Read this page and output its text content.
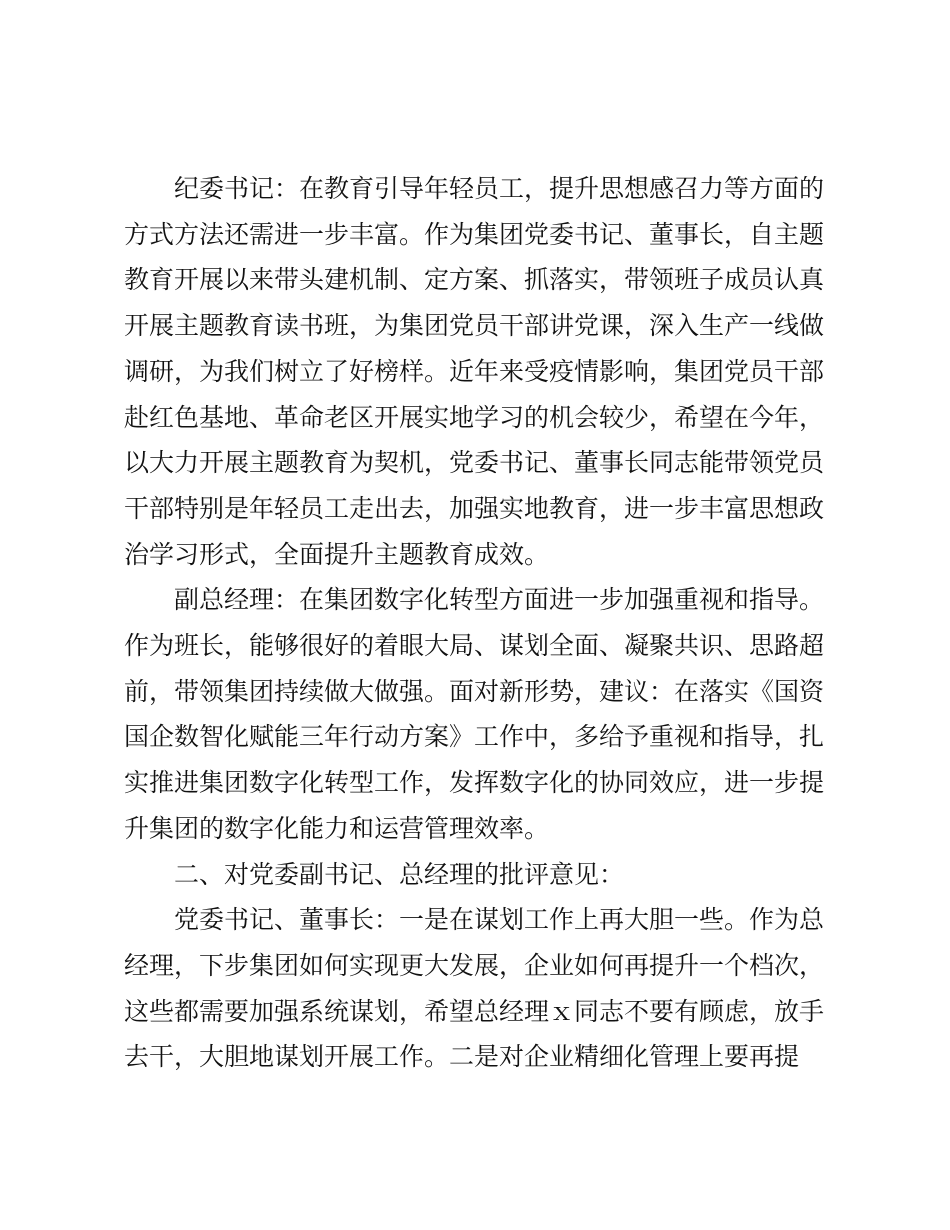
纪委书记：在教育引导年轻员工，提升思想感召力等方面的方式方法还需进一步丰富。作为集团党委书记、董事长，自主题教育开展以来带头建机制、定方案、抓落实，带领班子成员认真开展主题教育读书班，为集团党员干部讲党课，深入生产一线做调研，为我们树立了好榜样。近年来受疫情影响，集团党员干部赴红色基地、革命老区开展实地学习的机会较少，希望在今年，以大力开展主题教育为契机，党委书记、董事长同志能带领党员干部特别是年轻员工走出去，加强实地教育，进一步丰富思想政治学习形式，全面提升主题教育成效。

副总经理：在集团数字化转型方面进一步加强重视和指导。作为班长，能够很好的着眼大局、谋划全面、凝聚共识、思路超前，带领集团持续做大做强。面对新形势，建议：在落实《国资国企数智化赋能三年行动方案》工作中，多给予重视和指导，扎实推进集团数字化转型工作，发挥数字化的协同效应，进一步提升集团的数字化能力和运营管理效率。

二、对党委副书记、总经理的批评意见：

党委书记、董事长：一是在谋划工作上再大胆一些。作为总经理，下步集团如何实现更大发展，企业如何再提升一个档次，这些都需要加强系统谋划，希望总经理ｘ同志不要有顾虑，放手去干，大胆地谋划开展工作。二是对企业精细化管理上要再提
